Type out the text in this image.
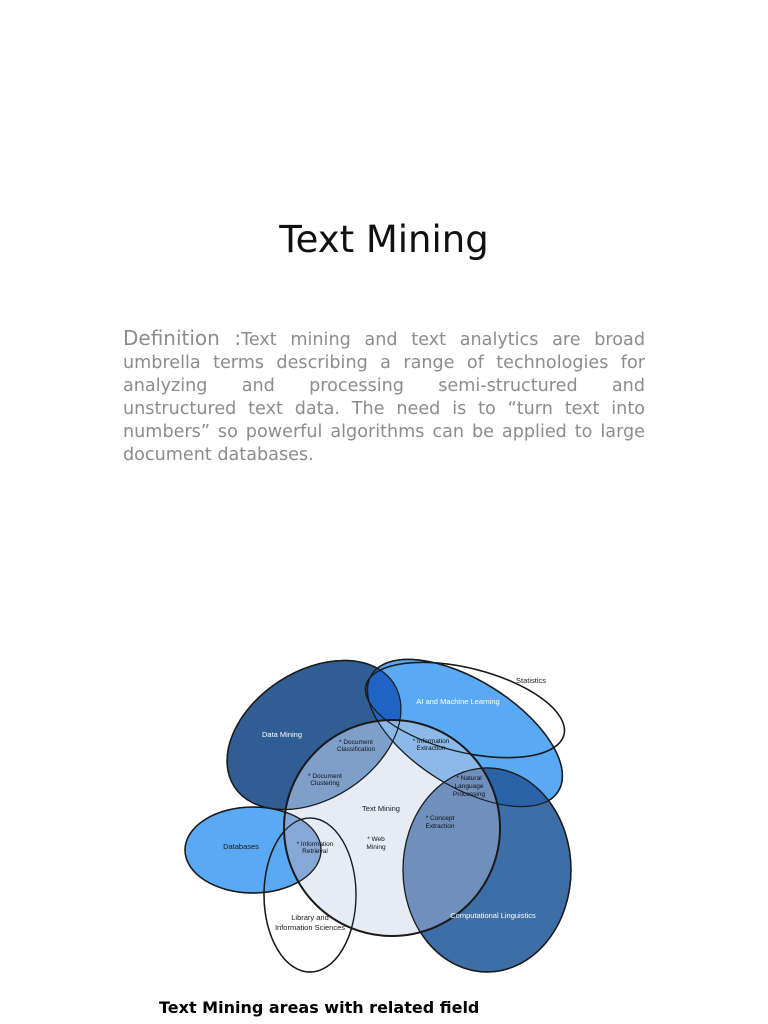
Text Mining

Definition :Text mining and text analytics are broad umbrella terms describing a range of technologies for analyzing and processing semi-structured and unstructured text data. The need is to “turn text into numbers” so powerful algorithms can be applied to large document databases.

Statistics
AI and Machine Learning
Data Mining
Databases
Library and
Information Sciences
Computational Linguistics
Text Mining
* Document
Classification
* Information
Extraction
* Document
Clustering
* Natural
Language
Processing
* Concept
Extraction
* Information
Retrieval
* Web
Mining

Text Mining areas with related field
